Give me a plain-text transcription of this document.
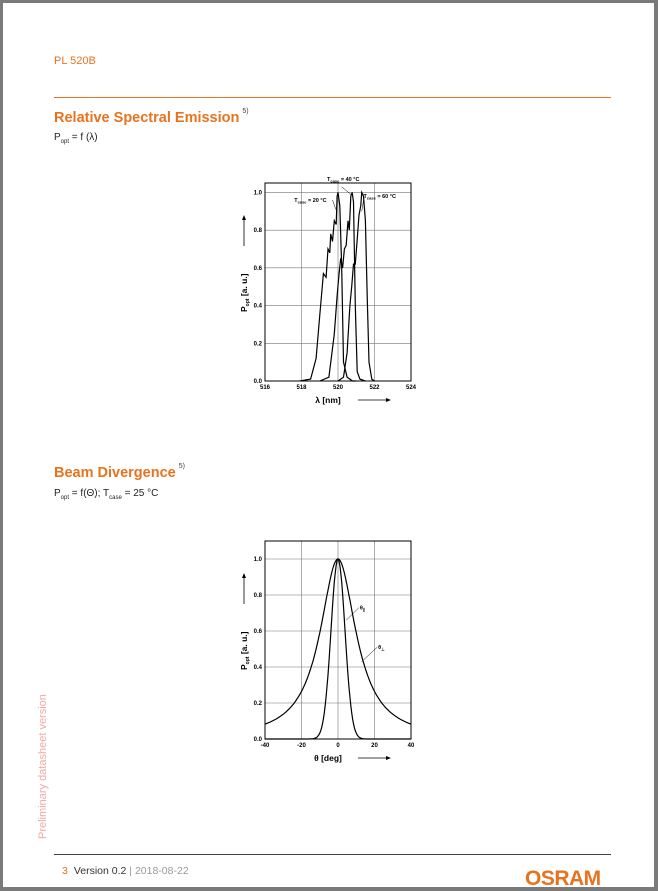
PL 520B
Relative Spectral Emission $^{5)}$
$P_{opt} = f$ (λ)
516	518	520	522	524
0.0
0.2
0.4
0.6
0.8
1.0
λ [nm]
$P_{opt}$ [a. u.]
$T_{case} = 20$ °C
$T_{case} = 40$ °C
$T_{case} = 60$ °C
Beam Divergence $^{5)}$
$P_{opt} = f(\Theta)$; $T_{case} = 25$ °C
-40	-20	0	20	40
0.0
0.2
0.4
0.6
0.8
1.0
θ [deg]
$P_{opt}$ [a. u.]
$\theta_\parallel$
$\theta_\perp$
Preliminary datasheet version
3 Version 0.2 | 2018-08-22	OSRAM
